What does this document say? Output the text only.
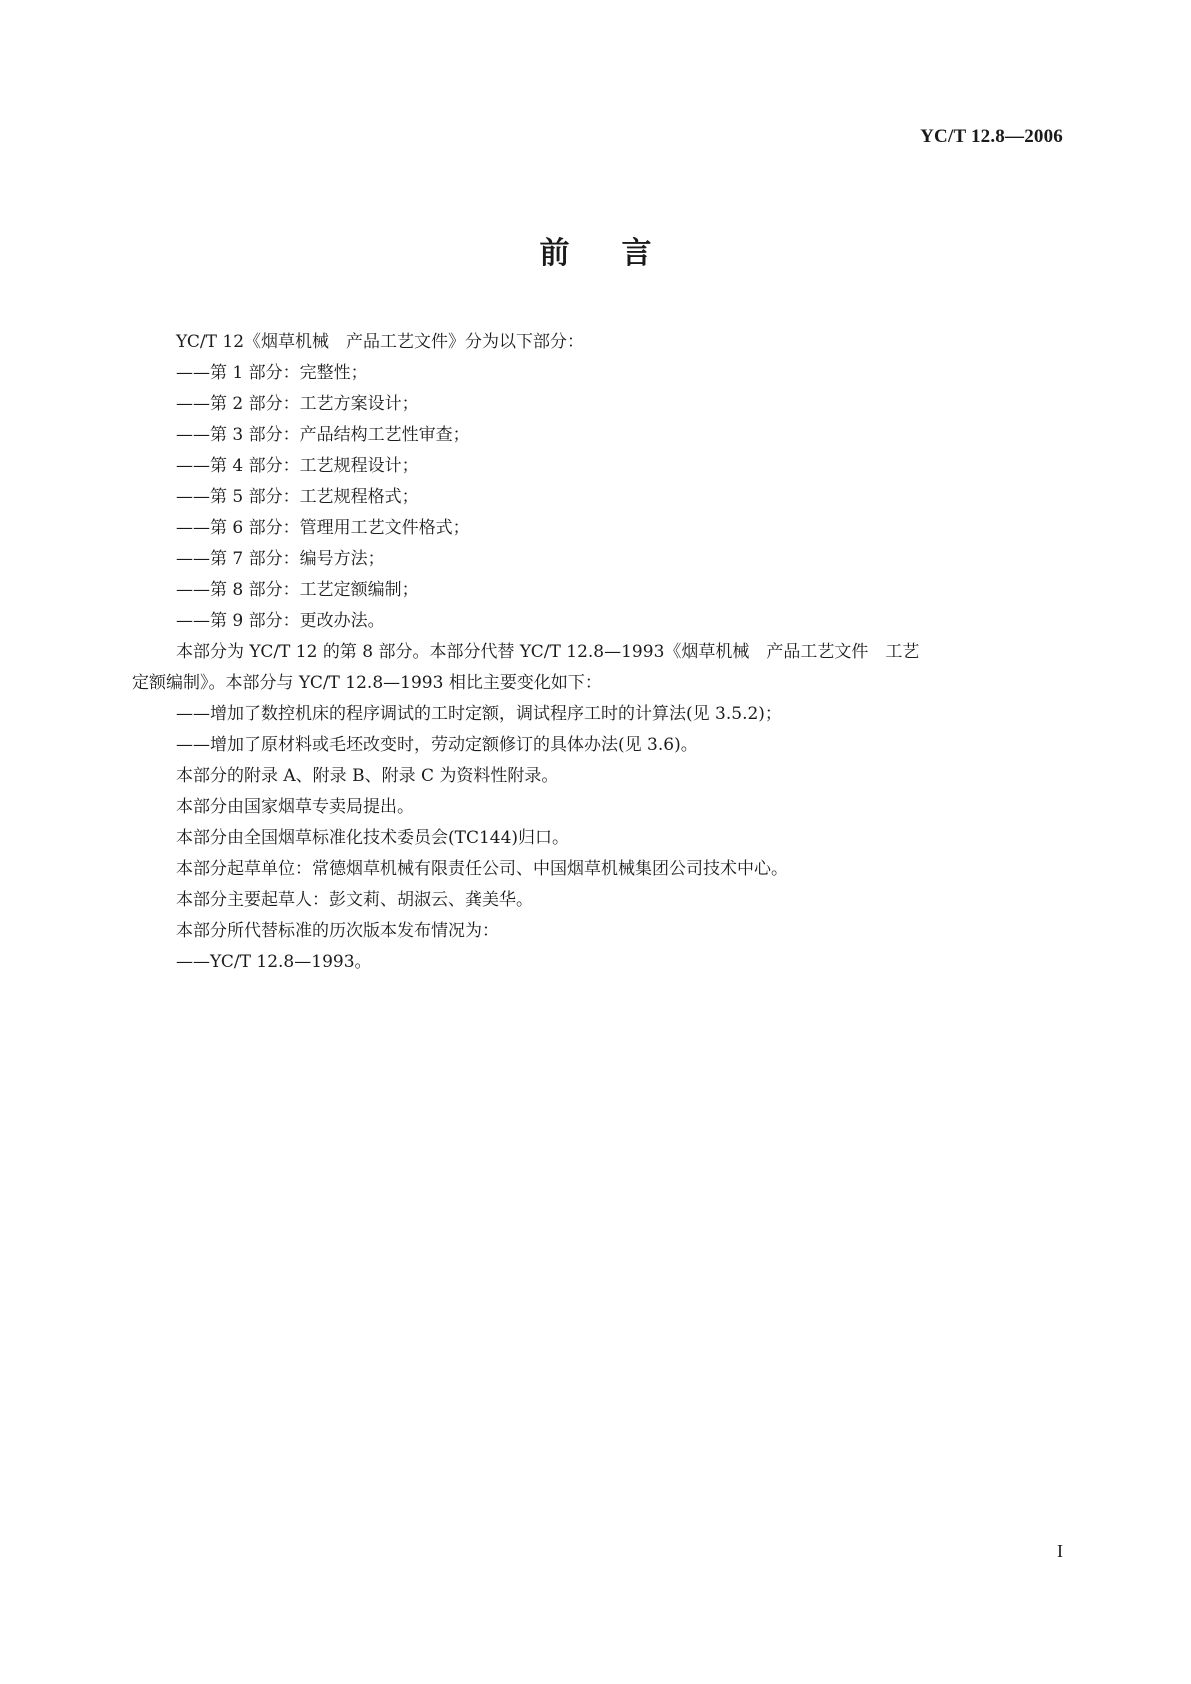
YC/T 12.8—2006
前言

YC/T 12《烟草机械　产品工艺文件》分为以下部分：

——第 1 部分：完整性；

——第 2 部分：工艺方案设计；

——第 3 部分：产品结构工艺性审查；

——第 4 部分：工艺规程设计；

——第 5 部分：工艺规程格式；

——第 6 部分：管理用工艺文件格式；

——第 7 部分：编号方法；

——第 8 部分：工艺定额编制；

——第 9 部分：更改办法。

本部分为 YC/T 12 的第 8 部分。本部分代替 YC/T 12.8—1993《烟草机械　产品工艺文件　工艺

定额编制》。本部分与 YC/T 12.8—1993 相比主要变化如下：

——增加了数控机床的程序调试的工时定额，调试程序工时的计算法(见 3.5.2)；

——增加了原材料或毛坯改变时，劳动定额修订的具体办法(见 3.6)。

本部分的附录 A、附录 B、附录 C 为资料性附录。

本部分由国家烟草专卖局提出。

本部分由全国烟草标准化技术委员会(TC144)归口。

本部分起草单位：常德烟草机械有限责任公司、中国烟草机械集团公司技术中心。

本部分主要起草人：彭文莉、胡淑云、龚美华。

本部分所代替标准的历次版本发布情况为：

——YC/T 12.8—1993。

I
